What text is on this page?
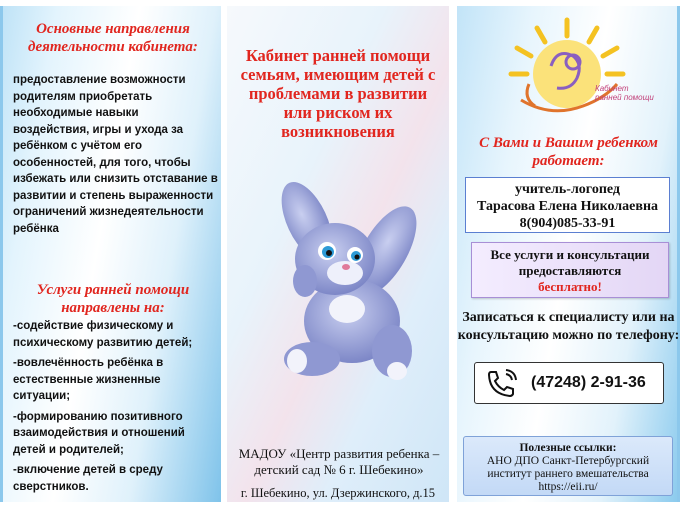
Основные направления деятельности кабинета:

предоставление возможности родителям приобретать необходимые навыки воздействия, игры и ухода за ребёнком с учётом его особенностей, для того, чтобы избежать или снизить отставание в развитии и степень выраженности ограничений жизнедеятельности ребёнка

Услуги ранней помощи направлены на:

-содействие физическому и психическому развитию детей;
-вовлечённость ребёнка в естественные жизненные ситуации;
-формированию позитивного взаимодействия и отношений детей и родителей;
-включение детей в среду сверстников.
Кабинет ранней помощи семьям, имеющим детей с проблемами в развитии или риском их возникновения
МАДОУ «Центр развития ребенка – детский сад № 6 г. Шебекино»
г. Шебекино, ул. Дзержинского, д.15
Кабинет ранней помощи
С Вами и Вашим ребенком работает:
учитель-логопед
Тарасова Елена Николаевна
8(904)085-33-91
Все услуги и консультации предоставляются
бесплатно!
Записаться к специалисту или на консультацию можно по телефону:
(47248) 2-91-36
Полезные ссылки:
АНО ДПО Санкт-Петербургский институт раннего вмешательства
https://eii.ru/
